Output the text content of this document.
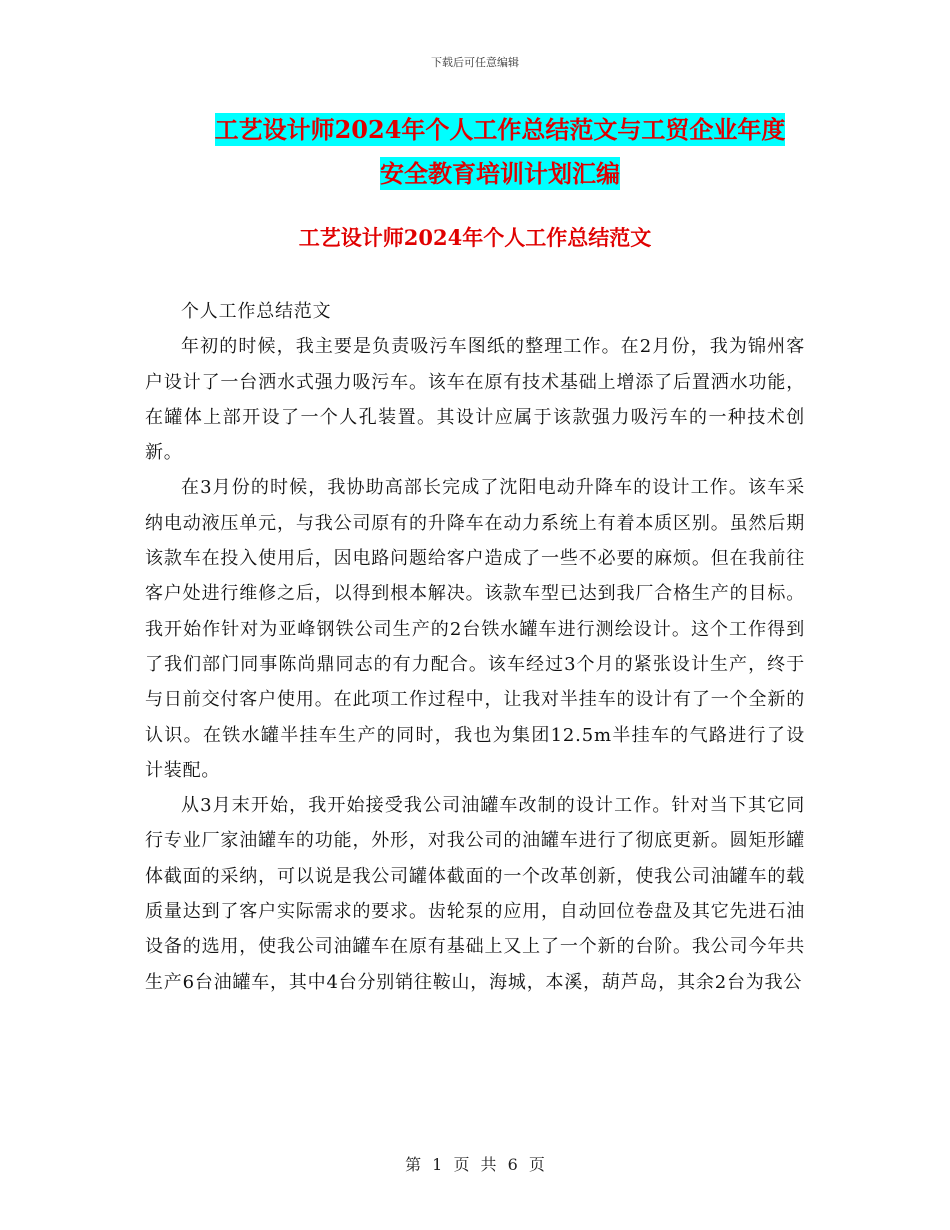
下载后可任意编辑
工艺设计师2024年个人工作总结范文与工贸企业年度
安全教育培训计划汇编
工艺设计师2024年个人工作总结范文

个人工作总结范文

年初的时候，我主要是负责吸污车图纸的整理工作。在2月份，我为锦州客户设计了一台洒水式强力吸污车。该车在原有技术基础上增添了后置洒水功能，在罐体上部开设了一个人孔装置。其设计应属于该款强力吸污车的一种技术创新。

在3月份的时候，我协助高部长完成了沈阳电动升降车的设计工作。该车采纳电动液压单元，与我公司原有的升降车在动力系统上有着本质区别。虽然后期该款车在投入使用后，因电路问题给客户造成了一些不必要的麻烦。但在我前往客户处进行维修之后，以得到根本解决。该款车型已达到我厂合格生产的目标。我开始作针对为亚峰钢铁公司生产的2台铁水罐车进行测绘设计。这个工作得到了我们部门同事陈尚鼎同志的有力配合。该车经过3个月的紧张设计生产，终于与日前交付客户使用。在此项工作过程中，让我对半挂车的设计有了一个全新的认识。在铁水罐半挂车生产的同时，我也为集团12.5m半挂车的气路进行了设计装配。

从3月末开始，我开始接受我公司油罐车改制的设计工作。针对当下其它同行专业厂家油罐车的功能，外形，对我公司的油罐车进行了彻底更新。圆矩形罐体截面的采纳，可以说是我公司罐体截面的一个改革创新，使我公司油罐车的载质量达到了客户实际需求的要求。齿轮泵的应用，自动回位卷盘及其它先进石油设备的选用，使我公司油罐车在原有基础上又上了一个新的台阶。我公司今年共生产6台油罐车，其中4台分别销往鞍山，海城，本溪，葫芦岛，其余2台为我公

第 1 页 共 6 页
